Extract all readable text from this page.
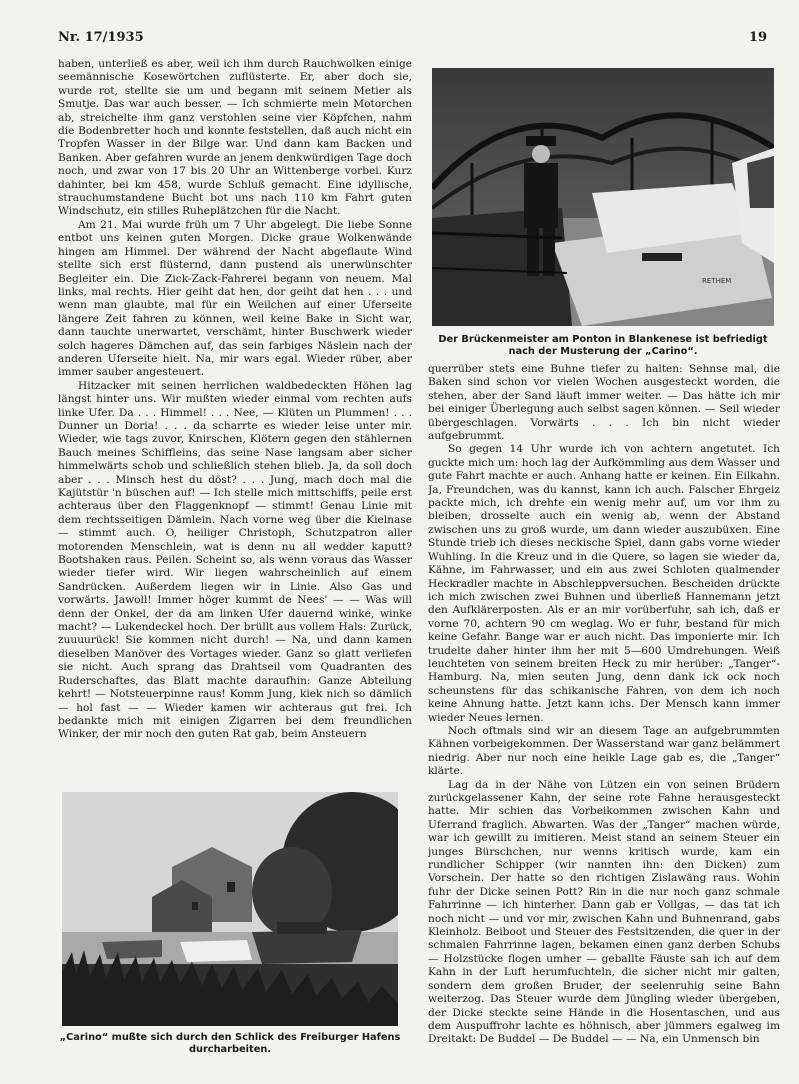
Nr. 17/1935	19

haben, unterließ es aber, weil ich ihm durch Rauchwolken einige seemännische Kosewörtchen zuflüsterte. Er, aber doch sie, wurde rot, stellte sie um und begann mit seinem Metier als Smutje. Das war auch besser. — Ich schmierte mein Motorchen ab, streichelte ihm ganz verstohlen seine vier Köpfchen, nahm die Bodenbretter hoch und konnte feststellen, daß auch nicht ein Tropfen Wasser in der Bilge war. Und dann kam Backen und Banken. Aber gefahren wurde an jenem denkwürdigen Tage doch noch, und zwar von 17 bis 20 Uhr an Wittenberge vorbei. Kurz dahinter, bei km 458, wurde Schluß gemacht. Eine idyllische, strauchumstandene Bucht bot uns nach 110 km Fahrt guten Windschutz, ein stilles Ruheplätzchen für die Nacht.

Am 21. Mai wurde früh um 7 Uhr abgelegt. Die liebe Sonne entbot uns keinen guten Morgen. Dicke graue Wolkenwände hingen am Himmel. Der während der Nacht abgeflaute Wind stellte sich erst flüsternd, dann pustend als unerwünschter Begleiter ein. Die Zick-Zack-Fahrerei begann von neuem. Mal links, mal rechts. Hier geiht dat hen, dor geiht dat hen . . . und wenn man glaubte, mal für ein Weilchen auf einer Uferseite längere Zeit fahren zu können, weil keine Bake in Sicht war, dann tauchte unerwartet, verschämt, hinter Buschwerk wieder solch hageres Dämchen auf, das sein farbiges Näslein nach der anderen Uferseite hielt. Na, mir wars egal. Wieder rüber, aber immer sauber angesteuert.

Hitzacker mit seinen herrlichen waldbedeckten Höhen lag längst hinter uns. Wir mußten wieder einmal vom rechten aufs linke Ufer. Da . . . Himmel! . . . Nee, — Klüten un Plummen! . . . Dunner un Doria! . . . da scharrte es wieder leise unter mir. Wieder, wie tags zuvor, Knirschen, Klötern gegen den stählernen Bauch meines Schiffleins, das seine Nase langsam aber sicher himmelwärts schob und schließlich stehen blieb. Ja, da soll doch aber . . . Minsch hest du döst? . . . Jung, mach doch mal die Kajütstür 'n büschen auf! — Ich stelle mich mittschiffs, peile erst achteraus über den Flaggenknopf — stimmt! Genau Linie mit dem rechtsseitigen Dämlein. Nach vorne weg über die Kielnase — stimmt auch. O, heiliger Christoph, Schutzpatron aller motorenden Menschlein, wat is denn nu all wedder kaputt? Bootshaken raus. Peilen. Scheint so, als wenn voraus das Wasser wieder tiefer wird. Wir liegen wahrscheinlich auf einem Sandrücken. Außerdem liegen wir in Linie. Also Gas und vorwärts. Jawoll! Immer höger kummt de Nees' — — Was will denn der Onkel, der da am linken Ufer dauernd winke, winke macht? — Lukendeckel hoch. Der brüllt aus vollem Hals: Zurück, zuuuurück! Sie kommen nicht durch! — Na, und dann kamen dieselben Manöver des Vortages wieder. Ganz so glatt verliefen sie nicht. Auch sprang das Drahtseil vom Quadranten des Ruderschaftes, das Blatt machte daraufhin: Ganze Abteilung kehrt! — Notsteuerpinne raus! Komm Jung, kiek nich so dämlich — hol fast — — Wieder kamen wir achteraus gut frei. Ich bedankte mich mit einigen Zigarren bei dem freundlichen Winker, der mir noch den guten Rat gab, beim Ansteuern

RETHEM
Der Brückenmeister am Ponton in Blankenese ist befriedigt nach der Musterung der „Carino“.

querrüber stets eine Buhne tiefer zu halten: Sehnse mal, die Baken sind schon vor vielen Wochen ausgesteckt worden, die stehen, aber der Sand läuft immer weiter. — Das hätte ich mir bei einiger Überlegung auch selbst sagen können. — Seil wieder übergeschlagen. Vorwärts . . . Ich bin nicht wieder aufgebrummt.

So gegen 14 Uhr wurde ich von achtern angetutet. Ich guckte mich um: hoch lag der Aufkömmling aus dem Wasser und gute Fahrt machte er auch. Anhang hatte er keinen. Ein Eilkahn. Ja, Freundchen, was du kannst, kann ich auch. Falscher Ehrgeiz packte mich, ich drehte ein wenig mehr auf, um vor ihm zu bleiben, drosselte auch ein wenig ab, wenn der Abstand zwischen uns zu groß wurde, um dann wieder auszubüxen. Eine Stunde trieb ich dieses neckische Spiel, dann gabs vorne wieder Wuhling. In die Kreuz und in die Quere, so lagen sie wieder da, Kähne, im Fahrwasser, und ein aus zwei Schloten qualmender Heckradler machte in Abschleppversuchen. Bescheiden drückte ich mich zwischen zwei Buhnen und überließ Hannemann jetzt den Aufklärerposten. Als er an mir vorüberfuhr, sah ich, daß er vorne 70, achtern 90 cm weglag. Wo er fuhr, bestand für mich keine Gefahr. Bange war er auch nicht. Das imponierte mir. Ich trudelte daher hinter ihm her mit 5—600 Umdrehungen. Weiß leuchteten von seinem breiten Heck zu mir herüber: „Tanger“-Hamburg. Na, mien seuten Jung, denn dank ick ock noch scheunstens für das schikanische Fahren, von dem ich noch keine Ahnung hatte. Jetzt kann ichs. Der Mensch kann immer wieder Neues lernen.

Noch oftmals sind wir an diesem Tage an aufgebrummten Kähnen vorbeigekommen. Der Wasserstand war ganz belämmert niedrig. Aber nur noch eine heikle Lage gab es, die „Tanger“ klärte.

Lag da in der Nähe von Lützen ein von seinen Brüdern zurückgelassener Kahn, der seine rote Fahne herausgesteckt hatte. Mir schien das Vorbeikommen zwischen Kahn und Uferrand fraglich. Abwarten. Was der „Tanger“ machen würde, war ich gewillt zu imitieren. Meist stand an seinem Steuer ein junges Bürschchen, nur wenns kritisch wurde, kam ein rundlicher Schipper (wir nannten ihn: den Dicken) zum Vorschein. Der hatte so den richtigen Zislawäng raus. Wohin fuhr der Dicke seinen Pott? Rin in die nur noch ganz schmale Fahrrinne — ich hinterher. Dann gab er Vollgas, — das tat ich noch nicht — und vor mir, zwischen Kahn und Buhnenrand, gabs Kleinholz. Beiboot und Steuer des Festsitzenden, die quer in der schmalen Fahrrinne lagen, bekamen einen ganz derben Schubs — Holzstücke flogen umher — geballte Fäuste sah ich auf dem Kahn in der Luft herumfuchteln, die sicher nicht mir galten, sondern dem großen Bruder, der seelenruhig seine Bahn weiterzog. Das Steuer wurde dem Jüngling wieder übergeben, der Dicke steckte seine Hände in die Hosentaschen, und aus dem Auspuffrohr lachte es höhnisch, aber jümmers egalweg im Dreitakt: De Buddel — De Buddel — — Na, ein Unmensch bin

„Carino“ mußte sich durch den Schlick des Freiburger Hafens durcharbeiten.
